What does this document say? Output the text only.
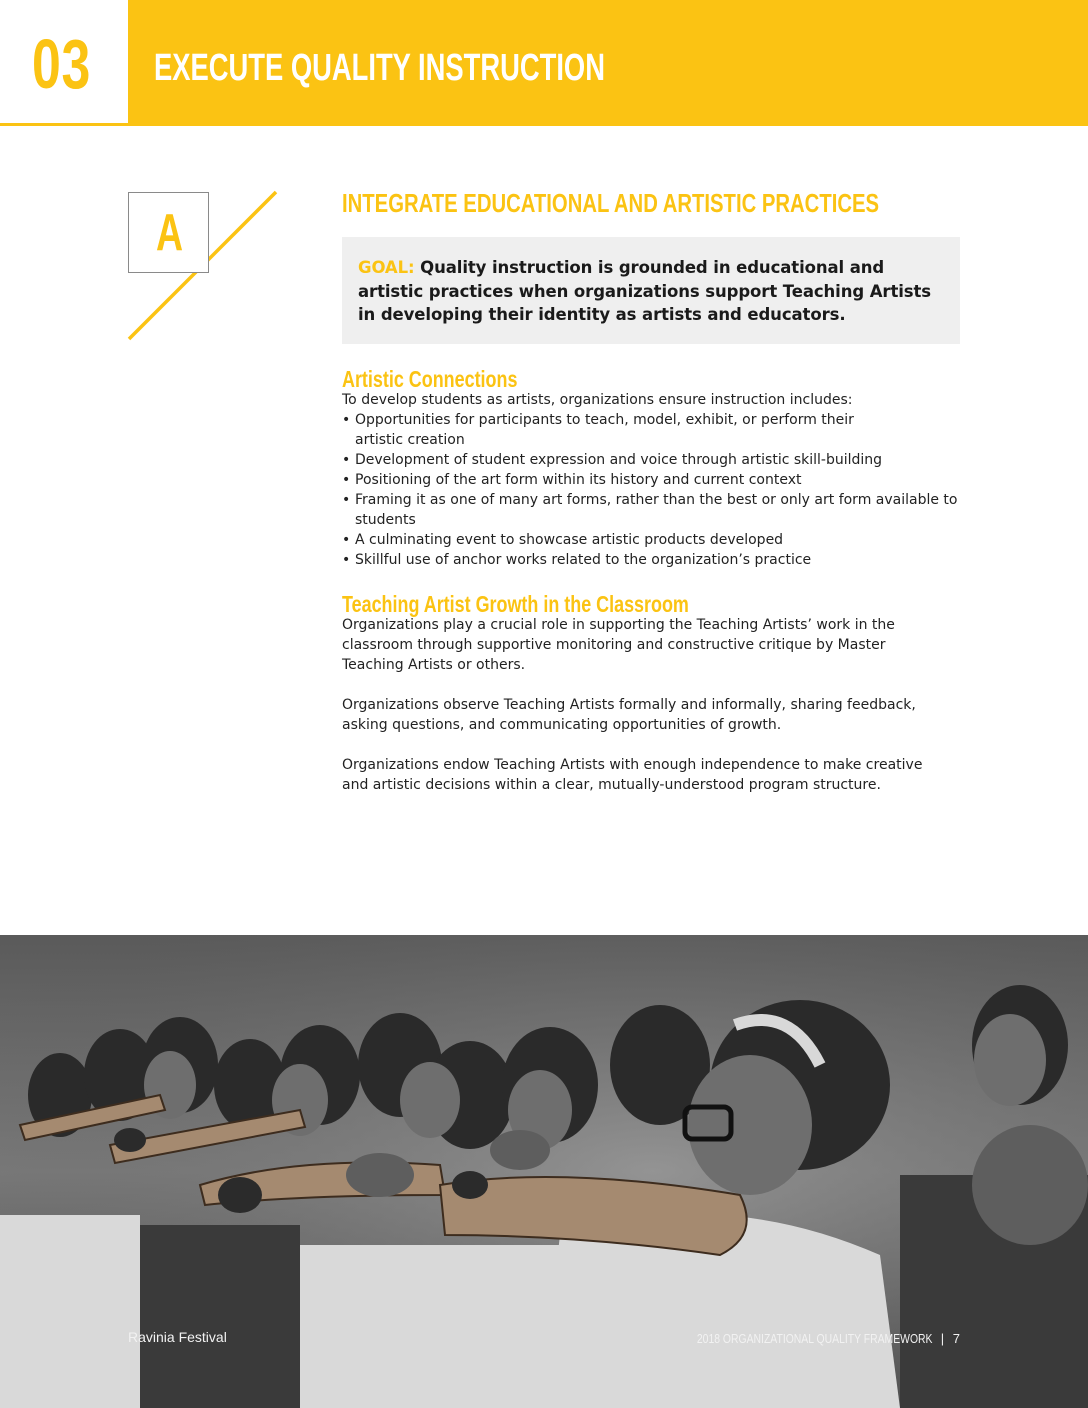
03 EXECUTE QUALITY INSTRUCTION
A
INTEGRATE EDUCATIONAL AND ARTISTIC PRACTICES
GOAL: Quality instruction is grounded in educational and artistic practices when organizations support Teaching Artists in developing their identity as artists and educators.
Artistic Connections
To develop students as artists, organizations ensure instruction includes:
• Opportunities for participants to teach, model, exhibit, or perform their artistic creation
• Development of student expression and voice through artistic skill-building
• Positioning of the art form within its history and current context
• Framing it as one of many art forms, rather than the best or only art form available to students
• A culminating event to showcase artistic products developed
• Skillful use of anchor works related to the organization’s practice
Teaching Artist Growth in the Classroom

Organizations play a crucial role in supporting the Teaching Artists’ work in the classroom through supportive monitoring and constructive critique by Master Teaching Artists or others.

Organizations observe Teaching Artists formally and informally, sharing feedback, asking questions, and communicating opportunities of growth.

Organizations endow Teaching Artists with enough independence to make creative and artistic decisions within a clear, mutually-understood program structure.

Ravinia Festival	2018 ORGANIZATIONAL QUALITY FRAMEWORK | 7
